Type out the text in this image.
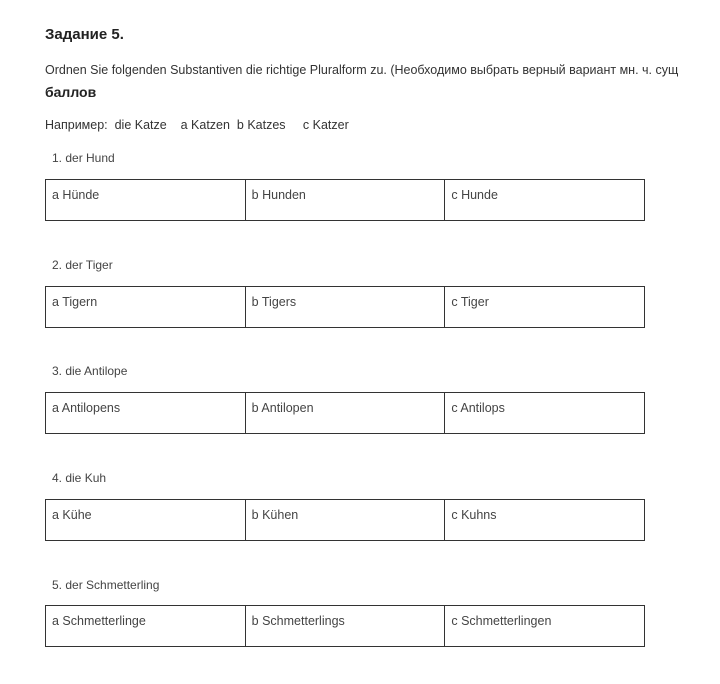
Задание 5.
Ordnen Sie folgenden Substantiven die richtige Pluralform zu. (Необходимо выбрать верный вариант мн. ч. сущ
баллов
Например:  die Katze    a Katzen  b Katzes     c Katzer
1. der Hund
a Hünde	b Hunden	c Hunde
2. der Tiger
a Tigern	b Tigers	c Tiger
3. die Antilope
a Antilopens	b Antilopen	c Antilops
4. die Kuh
a Kühe	b Kühen	c Kuhns
5. der Schmetterling
a Schmetterlinge	b Schmetterlings	c Schmetterlingen
